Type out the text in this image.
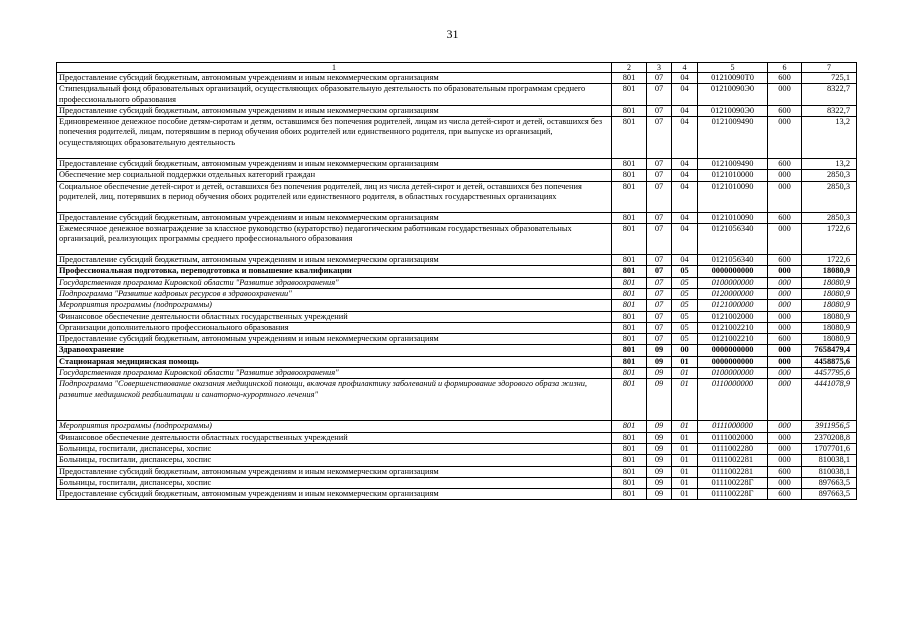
31
1	2	3	4	5	6	7
Предоставление субсидий бюджетным, автономным учреждениям и иным некоммерческим организациям	801	07	04	01210090Т0	600	725,1
Стипендиальный фонд образовательных организаций, осуществляющих образовательную деятельность по образовательным программам среднего профессионального образования	801	07	04	01210090Э0	000	8322,7
Предоставление субсидий бюджетным, автономным учреждениям и иным некоммерческим организациям	801	07	04	01210090Э0	600	8322,7
Единовременное денежное пособие детям-сиротам и детям, оставшимся без попечения родителей, лицам из числа детей-сирот и детей, оставшихся без попечения родителей, лицам, потерявшим в период обучения обоих родителей или единственного родителя, при выпуске из организаций, осуществляющих образовательную деятельность	801	07	04	0121009490	000	13,2
Предоставление субсидий бюджетным, автономным учреждениям и иным некоммерческим организациям	801	07	04	0121009490	600	13,2
Обеспечение мер социальной поддержки отдельных категорий граждан	801	07	04	0121010000	000	2850,3
Социальное обеспечение детей-сирот и детей, оставшихся без попечения родителей, лиц из числа детей-сирот и детей, оставшихся без попечения родителей, лиц, потерявших в период обучения обоих родителей или единственного родителя, в областных государственных организациях	801	07	04	0121010090	000	2850,3
Предоставление субсидий бюджетным, автономным учреждениям и иным некоммерческим организациям	801	07	04	0121010090	600	2850,3
Ежемесячное денежное вознаграждение за классное руководство (кураторство) педагогическим работникам государственных образовательных организаций, реализующих программы среднего профессионального образования	801	07	04	0121056340	000	1722,6
Предоставление субсидий бюджетным, автономным учреждениям и иным некоммерческим организациям	801	07	04	0121056340	600	1722,6
Профессиональная подготовка, переподготовка и повышение квалификации	801	07	05	0000000000	000	18080,9
Государственная программа Кировской области "Развитие здравоохранения"	801	07	05	0100000000	000	18080,9
Подпрограмма "Развитие кадровых ресурсов в здравоохранении"	801	07	05	0120000000	000	18080,9
Мероприятия программы (подпрограммы)	801	07	05	0121000000	000	18080,9
Финансовое обеспечение деятельности областных государственных учреждений	801	07	05	0121002000	000	18080,9
Организации дополнительного профессионального образования	801	07	05	0121002210	000	18080,9
Предоставление субсидий бюджетным, автономным учреждениям и иным некоммерческим организациям	801	07	05	0121002210	600	18080,9
Здравоохранение	801	09	00	0000000000	000	7658479,4
Стационарная медицинская помощь	801	09	01	0000000000	000	4458875,6
Государственная программа Кировской области "Развитие здравоохранения"	801	09	01	0100000000	000	4457795,6
Подпрограмма "Совершенствование оказания медицинской помощи, включая профилактику заболеваний и формирование здорового образа жизни, развитие медицинской реабилитации и санаторно-курортного лечения"	801	09	01	0110000000	000	4441078,9
Мероприятия программы (подпрограммы)	801	09	01	0111000000	000	3911956,5
Финансовое обеспечение деятельности областных государственных учреждений	801	09	01	0111002000	000	2370208,8
Больницы, госпитали, диспансеры, хоспис	801	09	01	0111002280	000	1707701,6
Больницы, госпитали, диспансеры, хоспис	801	09	01	0111002281	000	810038,1
Предоставление субсидий бюджетным, автономным учреждениям и иным некоммерческим организациям	801	09	01	0111002281	600	810038,1
Больницы, госпитали, диспансеры, хоспис	801	09	01	011100228Г	000	897663,5
Предоставление субсидий бюджетным, автономным учреждениям и иным некоммерческим организациям	801	09	01	011100228Г	600	897663,5
